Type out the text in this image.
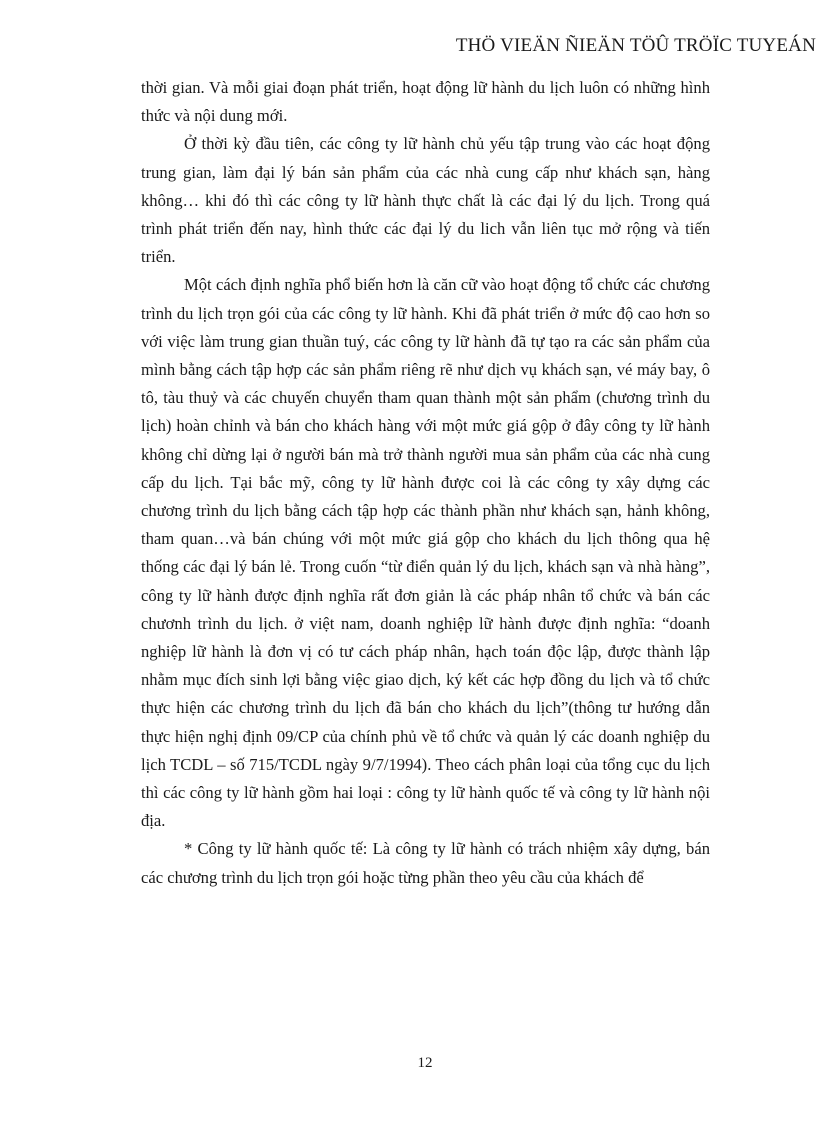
THÖ VIEÄN ÑIEÄN TÖÛ TRÖÏC TUYEÁN

thời gian. Và mỗi giai đoạn phát triển, hoạt động lữ hành du lịch luôn có những hình thức và nội dung mới.

Ở thời kỳ đầu tiên, các công ty lữ hành chủ yếu tập trung vào các hoạt động trung gian, làm đại lý bán sản phẩm của các nhà cung cấp như khách sạn, hàng không… khi đó thì các công ty lữ hành thực chất là các đại lý du lịch. Trong quá trình phát triển đến nay, hình thức các đại lý du lich vẫn liên tục mở rộng và tiến triển.

Một cách định nghĩa phổ biến hơn là căn cữ vào hoạt động tổ chức các chương trình du lịch trọn gói của các công ty lữ hành. Khi đã phát triển ở mức độ cao hơn so với việc làm trung gian thuần tuý, các công ty lữ hành đã tự tạo ra các sản phẩm của mình bằng cách tập hợp các sản phẩm riêng rẽ như dịch vụ khách sạn, vé máy bay, ô tô, tàu thuỷ và các chuyến chuyển tham quan thành một sản phẩm (chương trình du lịch) hoàn chỉnh và bán cho khách hàng với một mức giá gộp ở đây công ty lữ hành không chỉ dừng lại ở người bán mà trở thành người mua sản phẩm của các nhà cung cấp du lịch. Tại bắc mỹ, công ty lữ hành được coi là các công ty xây dựng các chương trình du lịch bằng cách tập hợp các thành phần như khách sạn, hảnh không, tham quan…và bán chúng với một mức giá gộp cho khách du lịch thông qua hệ thống các đại lý bán lẻ. Trong cuốn “từ điển quản lý du lịch, khách sạn và nhà hàng”, công ty lữ hành được định nghĩa rất đơn giản là các pháp nhân tổ chức và bán các chươnh trình du lịch. ở việt nam, doanh nghiệp lữ hành được định nghĩa: “doanh nghiệp lữ hành là đơn vị có tư cách pháp nhân, hạch toán độc lập, được thành lập nhằm mục đích sinh lợi bằng việc giao dịch, ký kết các hợp đồng du lịch và tổ chức thực hiện các chương trình du lịch đã bán cho khách du lịch”(thông tư hướng dẫn thực hiện nghị định 09/CP của chính phủ về tổ chức và quản lý các doanh nghiệp du lịch TCDL – số 715/TCDL ngày 9/7/1994). Theo cách phân loại của tổng cục du lịch thì các công ty lữ hành gồm hai loại : công ty lữ hành quốc tế và công ty lữ hành nội địa.

* Công ty lữ hành quốc tế: Là công ty lữ hành có trách nhiệm xây dựng, bán các chương trình du lịch trọn gói hoặc từng phần theo yêu cầu của khách để

12
